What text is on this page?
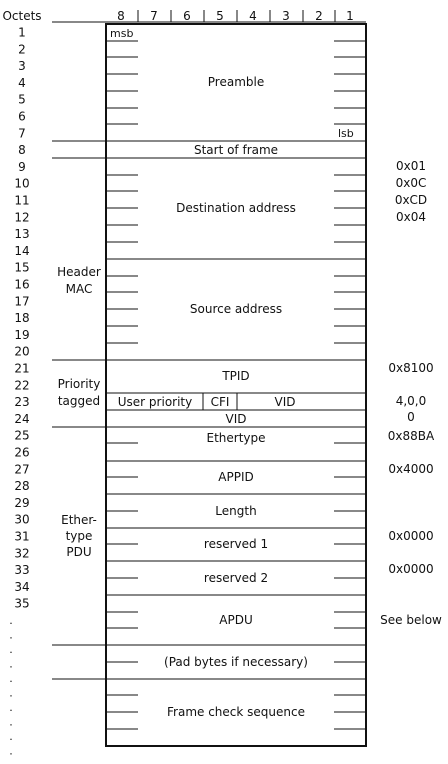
Octets	8 7 6 5 4 3 2 1
1
2
3
4
5
6
7
8
9
10
11
12
13
14
15
16
17
18
19
20
21
22
23
24
25
26
27
28
29
30
31
32
33
34
35
.
.
.
.
.
.
.
.
.
.
msb
lsb
Preamble
Start of frame
Destination address
Source address
TPID
User priority CFI	VID
VID
Ethertype
APPID
Length
reserved 1
reserved 2
APDU
(Pad bytes if necessary)
Frame check sequence
Header
MAC
Priority
tagged
Ether-
type
PDU
0x01
0x0C
0xCD
0x04
0x8100
4,0,0
0
0x88BA
0x4000
0x0000
0x0000
See below
